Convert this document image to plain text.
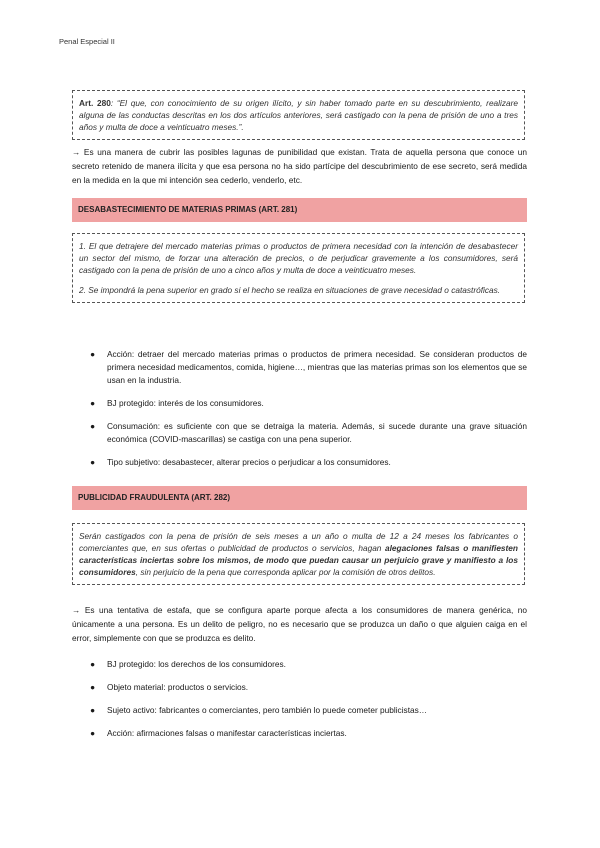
Penal Especial II

Art. 280: “El que, con conocimiento de su origen ilícito, y sin haber tomado parte en su descubrimiento, realizare alguna de las conductas descritas en los dos artículos anteriores, será castigado con la pena de prisión de uno a tres años y multa de doce a veinticuatro meses.”.

→ Es una manera de cubrir las posibles lagunas de punibilidad que existan. Trata de aquella persona que conoce un secreto retenido de manera ilícita y que esa persona no ha sido partícipe del descubrimiento de ese secreto, será medida en la medida en la que mi intención sea cederlo, venderlo, etc.
DESABASTECIMIENTO DE MATERIAS PRIMAS (ART. 281)

1. El que detrajere del mercado materias primas o productos de primera necesidad con la intención de desabastecer un sector del mismo, de forzar una alteración de precios, o de perjudicar gravemente a los consumidores, será castigado con la pena de prisión de uno a cinco años y multa de doce a veinticuatro meses.

2. Se impondrá la pena superior en grado si el hecho se realiza en situaciones de grave necesidad o catastróficas.

● Acción: detraer del mercado materias primas o productos de primera necesidad. Se consideran productos de primera necesidad medicamentos, comida, higiene…, mientras que las materias primas son los elementos que se usan en la industria.
● BJ protegido: interés de los consumidores.
● Consumación: es suficiente con que se detraiga la materia. Además, si sucede durante una grave situación económica (COVID-mascarillas) se castiga con una pena superior.
● Tipo subjetivo: desabastecer, alterar precios o perjudicar a los consumidores.
PUBLICIDAD FRAUDULENTA (ART. 282)

Serán castigados con la pena de prisión de seis meses a un año o multa de 12 a 24 meses los fabricantes o comerciantes que, en sus ofertas o publicidad de productos o servicios, hagan alegaciones falsas o manifiesten características inciertas sobre los mismos, de modo que puedan causar un perjuicio grave y manifiesto a los consumidores, sin perjuicio de la pena que corresponda aplicar por la comisión de otros delitos.

→ Es una tentativa de estafa, que se configura aparte porque afecta a los consumidores de manera genérica, no únicamente a una persona. Es un delito de peligro, no es necesario que se produzca un daño o que alguien caiga en el error, simplemente con que se produzca es delito.
● BJ protegido: los derechos de los consumidores.
● Objeto material: productos o servicios.
● Sujeto activo: fabricantes o comerciantes, pero también lo puede cometer publicistas…
● Acción: afirmaciones falsas o manifestar características inciertas.
